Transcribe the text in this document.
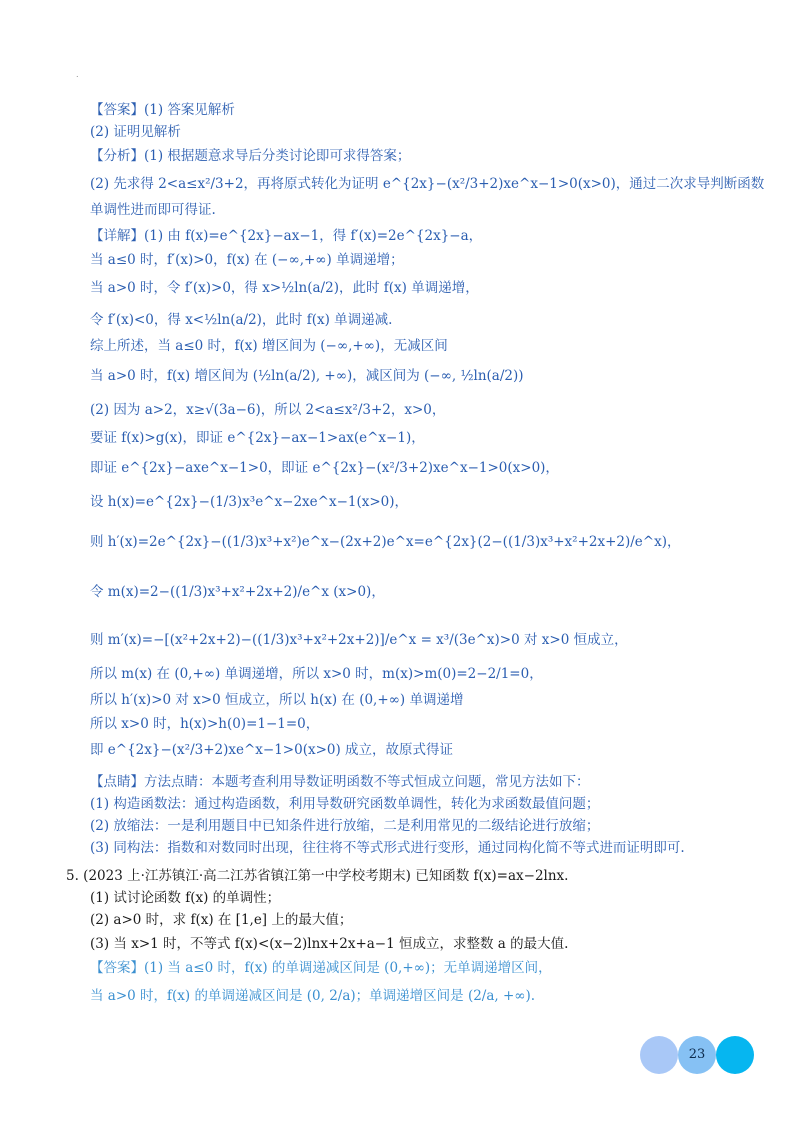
.
【答案】(1) 答案见解析
(2) 证明见解析
【分析】(1) 根据题意求导后分类讨论即可求得答案；
(2) 先求得 2<a≤x²/3+2，再将原式转化为证明 e^{2x}−(x²/3+2)xe^x−1>0(x>0)，通过二次求导判断函数
单调性进而即可得证.
【详解】(1) 由 f(x)=e^{2x}−ax−1，得 f′(x)=2e^{2x}−a，
当 a≤0 时，f′(x)>0，f(x) 在 (−∞,+∞) 单调递增；
当 a>0 时，令 f′(x)>0，得 x>½ln(a/2)，此时 f(x) 单调递增，
令 f′(x)<0，得 x<½ln(a/2)，此时 f(x) 单调递减.
综上所述，当 a≤0 时，f(x) 增区间为 (−∞,+∞)，无减区间
当 a>0 时，f(x) 增区间为 (½ln(a/2), +∞)，减区间为 (−∞, ½ln(a/2))
(2) 因为 a>2，x≥√(3a−6)，所以 2<a≤x²/3+2，x>0，
要证 f(x)>g(x)，即证 e^{2x}−ax−1>ax(e^x−1)，
即证 e^{2x}−axe^x−1>0，即证 e^{2x}−(x²/3+2)xe^x−1>0(x>0)，
设 h(x)=e^{2x}−(1/3)x³e^x−2xe^x−1(x>0)，
则 h′(x)=2e^{2x}−((1/3)x³+x²)e^x−(2x+2)e^x=e^{2x}(2−((1/3)x³+x²+2x+2)/e^x)，
令 m(x)=2−((1/3)x³+x²+2x+2)/e^x (x>0)，
则 m′(x)=−[(x²+2x+2)−((1/3)x³+x²+2x+2)]/e^x = x³/(3e^x)>0 对 x>0 恒成立，
所以 m(x) 在 (0,+∞) 单调递增，所以 x>0 时，m(x)>m(0)=2−2/1=0，
所以 h′(x)>0 对 x>0 恒成立，所以 h(x) 在 (0,+∞) 单调递增
所以 x>0 时，h(x)>h(0)=1−1=0，
即 e^{2x}−(x²/3+2)xe^x−1>0(x>0) 成立，故原式得证
【点睛】方法点睛：本题考查利用导数证明函数不等式恒成立问题，常见方法如下：
(1) 构造函数法：通过构造函数，利用导数研究函数单调性，转化为求函数最值问题；
(2) 放缩法：一是利用题目中已知条件进行放缩，二是利用常见的二级结论进行放缩；
(3) 同构法：指数和对数同时出现，往往将不等式形式进行变形，通过同构化简不等式进而证明即可.
5. (2023 上·江苏镇江·高二江苏省镇江第一中学校考期末) 已知函数 f(x)=ax−2lnx.
(1) 试讨论函数 f(x) 的单调性；
(2) a>0 时，求 f(x) 在 [1,e] 上的最大值；
(3) 当 x>1 时，不等式 f(x)<(x−2)lnx+2x+a−1 恒成立，求整数 a 的最大值.
【答案】(1) 当 a≤0 时，f(x) 的单调递减区间是 (0,+∞)；无单调递增区间，
当 a>0 时，f(x) 的单调递减区间是 (0, 2/a)；单调递增区间是 (2/a, +∞).
23
